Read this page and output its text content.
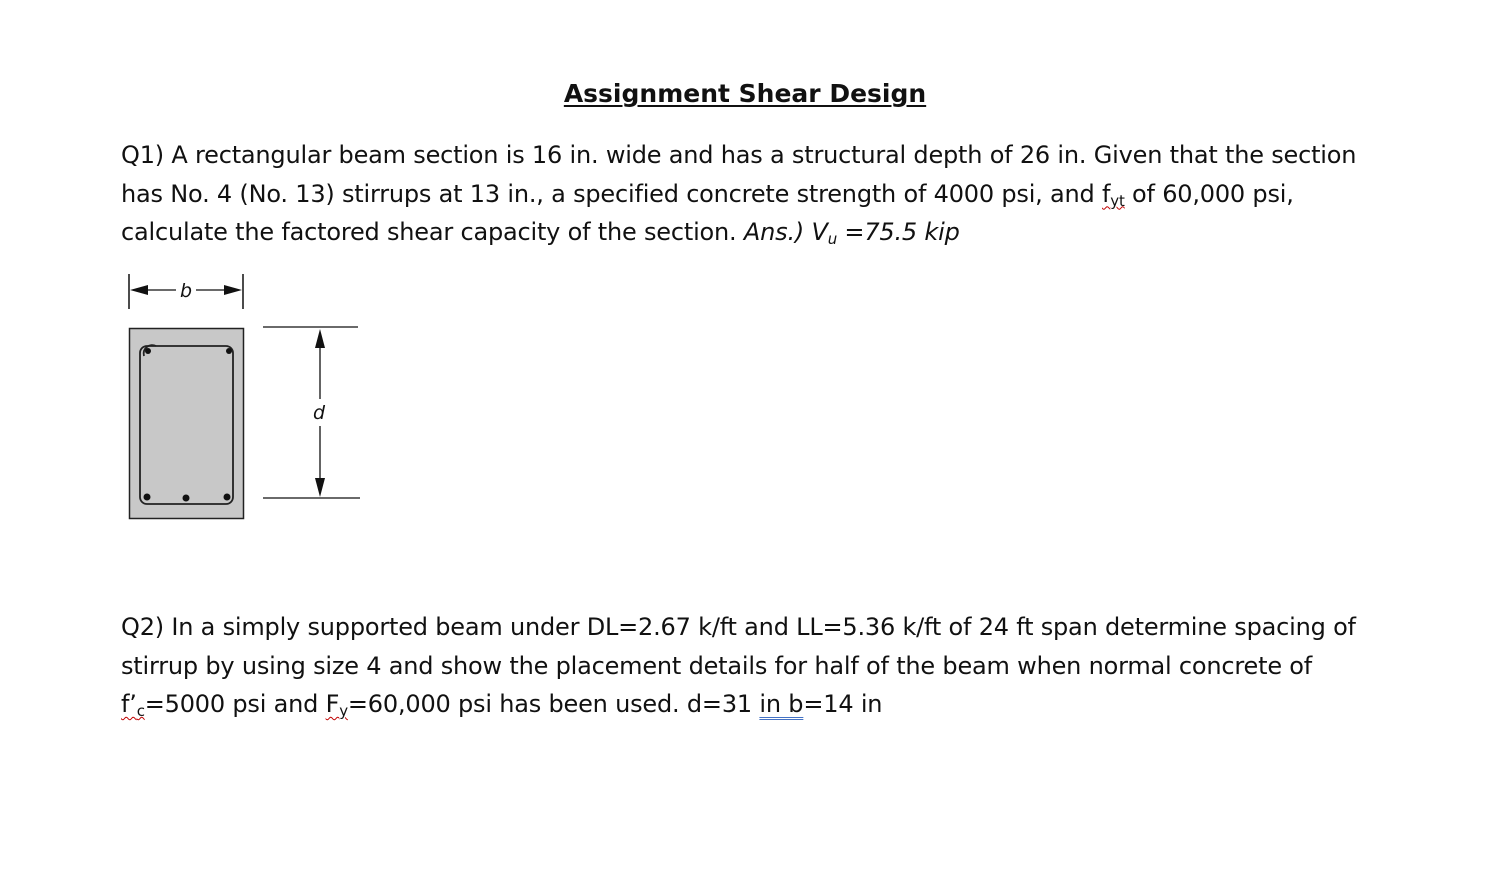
Assignment Shear Design
Q1) A rectangular beam section is 16 in. wide and has a structural depth of 26 in. Given that the section
has No. 4 (No. 13) stirrups at 13 in., a specified concrete strength of 4000 psi, and $f_{yt}$ of 60,000 psi,
calculate the factored shear capacity of the section. Ans.) $V_u =75.5$ kip
b
d
Q2) In a simply supported beam under DL=2.67 k/ft and LL=5.36 k/ft of 24 ft span determine spacing of
stirrup by using size 4 and show the placement details for half of the beam when normal concrete of
$f’_c=5000$ psi and $F_y=60,000$ psi has been used. d=31 in b=14 in
